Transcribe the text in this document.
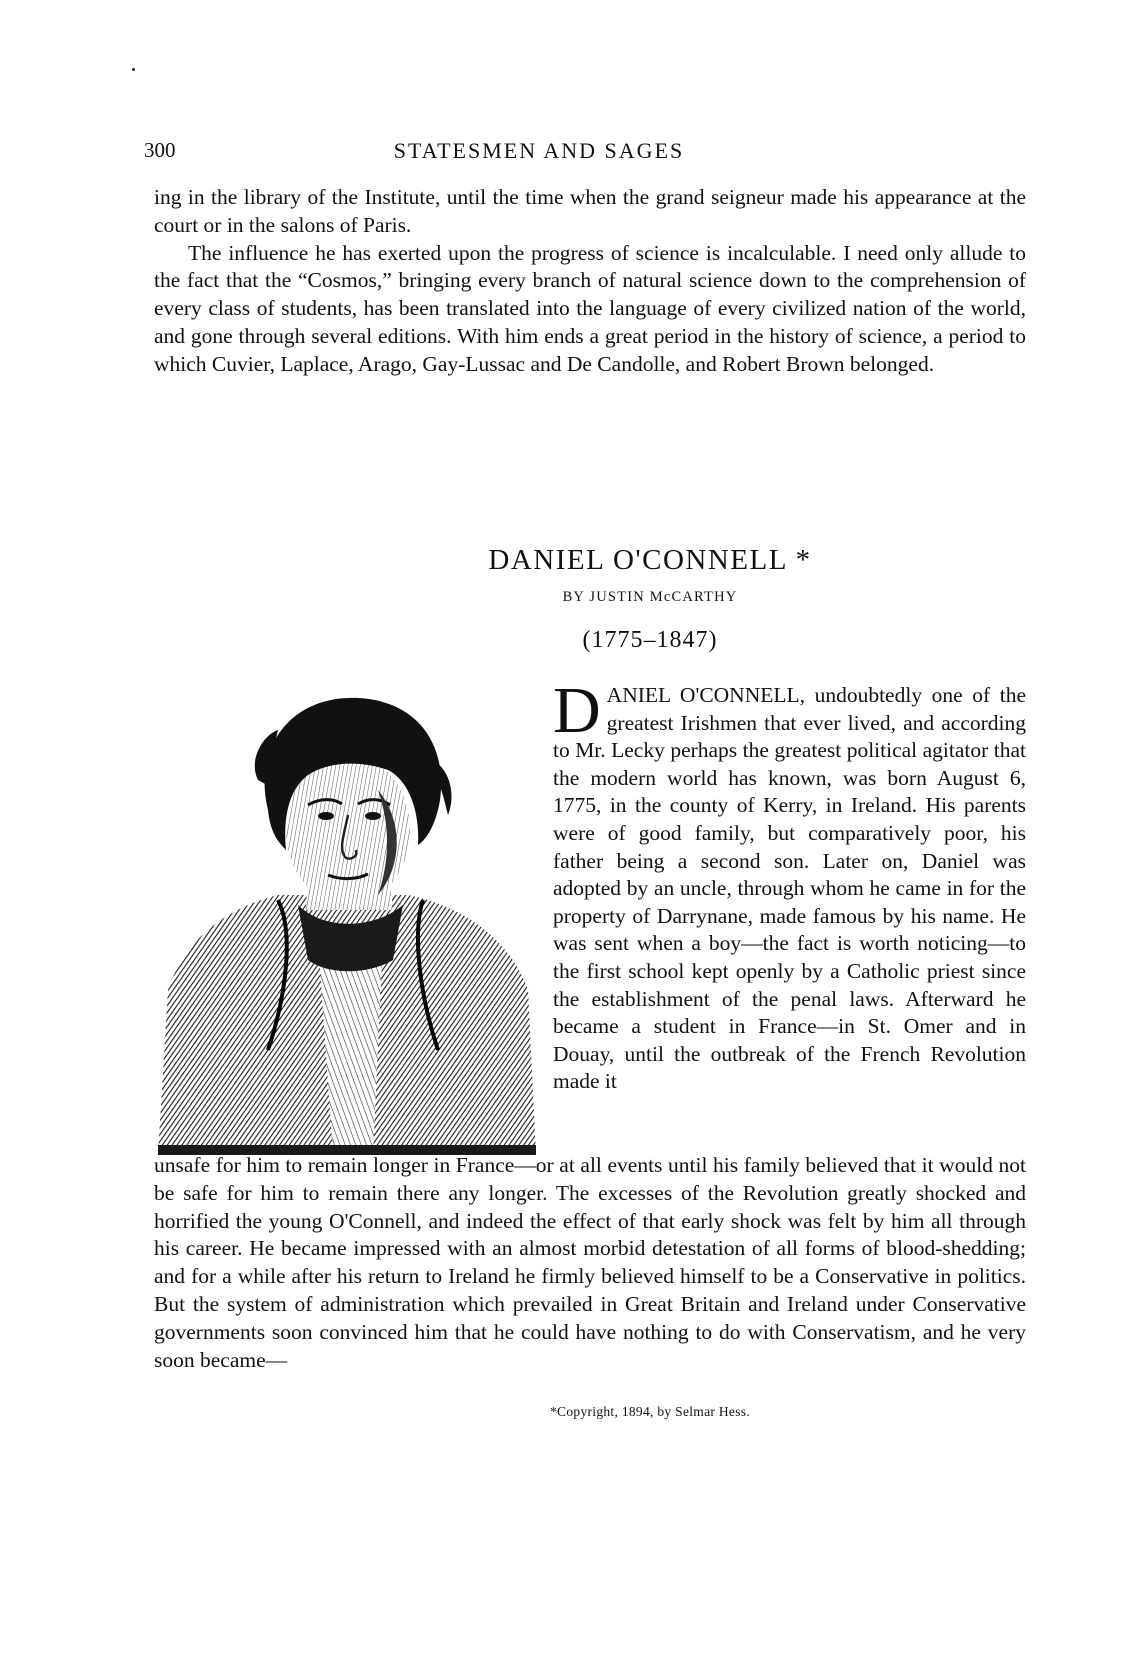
300	STATESMEN AND SAGES

ing in the library of the Institute, until the time when the grand seigneur made his appearance at the court or in the salons of Paris.

The influence he has exerted upon the progress of science is incalculable. I need only allude to the fact that the “Cosmos,” bringing every branch of natural science down to the comprehension of every class of students, has been translated into the language of every civilized nation of the world, and gone through several editions. With him ends a great period in the history of science, a period to which Cuvier, Laplace, Arago, Gay-Lussac and De Candolle, and Robert Brown belonged.

DANIEL O'CONNELL *
BY JUSTIN McCARTHY
(1775–1847)
DANIEL O'CONNELL, undoubtedly one of the greatest Irishmen that ever lived, and according to Mr. Lecky perhaps the greatest political agitator that the modern world has known, was born August 6, 1775, in the county of Kerry, in Ireland. His parents were of good family, but comparatively poor, his father being a second son. Later on, Daniel was adopted by an uncle, through whom he came in for the property of Darrynane, made famous by his name. He was sent when a boy—the fact is worth noticing—to the first school kept openly by a Catholic priest since the establishment of the penal laws. Afterward he became a student in France—in St. Omer and in Douay, until the outbreak of the French Revolution made it
unsafe for him to remain longer in France—or at all events until his family believed that it would not be safe for him to remain there any longer. The excesses of the Revolution greatly shocked and horrified the young O'Connell, and indeed the effect of that early shock was felt by him all through his career. He became impressed with an almost morbid detestation of all forms of blood-shedding; and for a while after his return to Ireland he firmly believed himself to be a Conservative in politics. But the system of administration which prevailed in Great Britain and Ireland under Conservative governments soon convinced him that he could have nothing to do with Conservatism, and he very soon became—
*Copyright, 1894, by Selmar Hess.
